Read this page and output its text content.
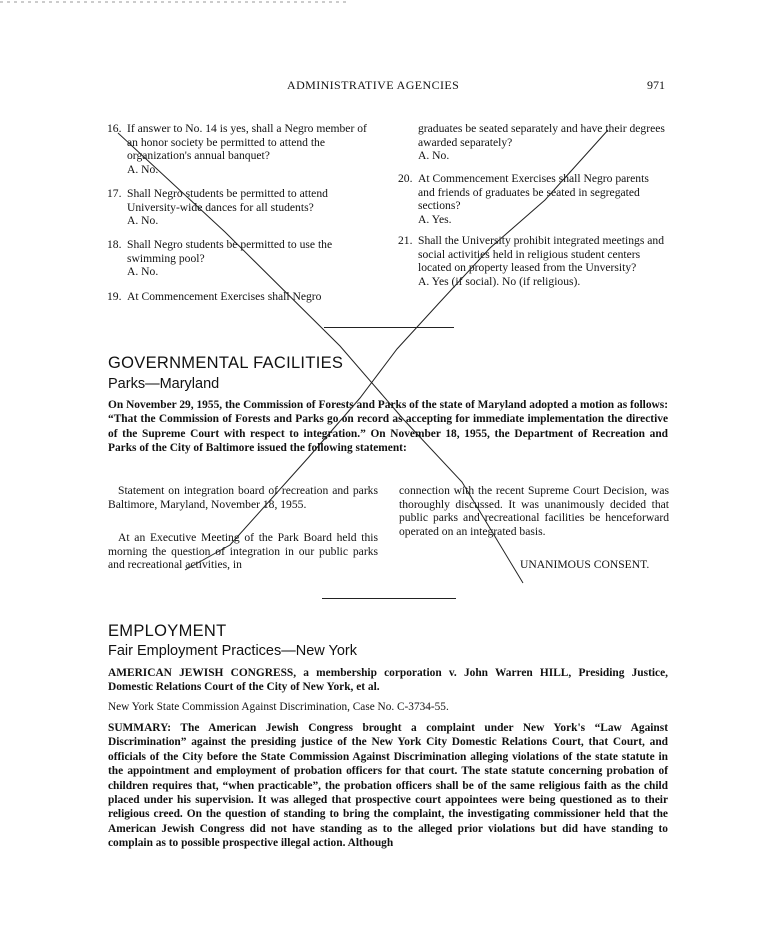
ADMINISTRATIVE AGENCIES	971
16. If answer to No. 14 is yes, shall a Negro member of an honor society be permitted to attend the organization's annual banquet?
A. No.
17. Shall Negro students be permitted to attend University-wide dances for all students?
A. No.
18. Shall Negro students be permitted to use the swimming pool?
A. No.
19. At Commencement Exercises shall Negro
graduates be seated separately and have their degrees awarded separately?
A. No.
20. At Commencement Exercises shall Negro parents and friends of graduates be seated in segregated sections?
A. Yes.
21. Shall the University prohibit integrated meetings and social activities held in religious student centers located on property leased from the Unversity?
A. Yes (if social). No (if religious).
GOVERNMENTAL FACILITIES
Parks—Maryland
On November 29, 1955, the Commission of Forests and Parks of the state of Maryland adopted a motion as follows: “That the Commission of Forests and Parks go on record as accepting for immediate implementation the directive of the Supreme Court with respect to integration.” On November 18, 1955, the Department of Recreation and Parks of the City of Baltimore issued the following statement:
Statement on integration board of recreation and parks Baltimore, Maryland, November 18, 1955.
At an Executive Meeting of the Park Board held this morning the question of integration in our public parks and recreational activities, in
connection with the recent Supreme Court Decision, was thoroughly discussed. It was unanimously decided that public parks and recreational facilities be henceforward operated on an integrated basis.
UNANIMOUS CONSENT.
EMPLOYMENT
Fair Employment Practices—New York
AMERICAN JEWISH CONGRESS, a membership corporation v. John Warren HILL, Presiding Justice, Domestic Relations Court of the City of New York, et al.
New York State Commission Against Discrimination, Case No. C-3734-55.
SUMMARY: The American Jewish Congress brought a complaint under New York's “Law Against Discrimination” against the presiding justice of the New York City Domestic Relations Court, that Court, and officials of the City before the State Commission Against Discrimination alleging violations of the state statute in the appointment and employment of probation officers for that court. The state statute concerning probation of children requires that, “when practicable”, the probation officers shall be of the same religious faith as the child placed under his supervision. It was alleged that prospective court appointees were being questioned as to their religious creed. On the question of standing to bring the complaint, the investigating commissioner held that the American Jewish Congress did not have standing as to the alleged prior violations but did have standing to complain as to possible prospective illegal action. Although
